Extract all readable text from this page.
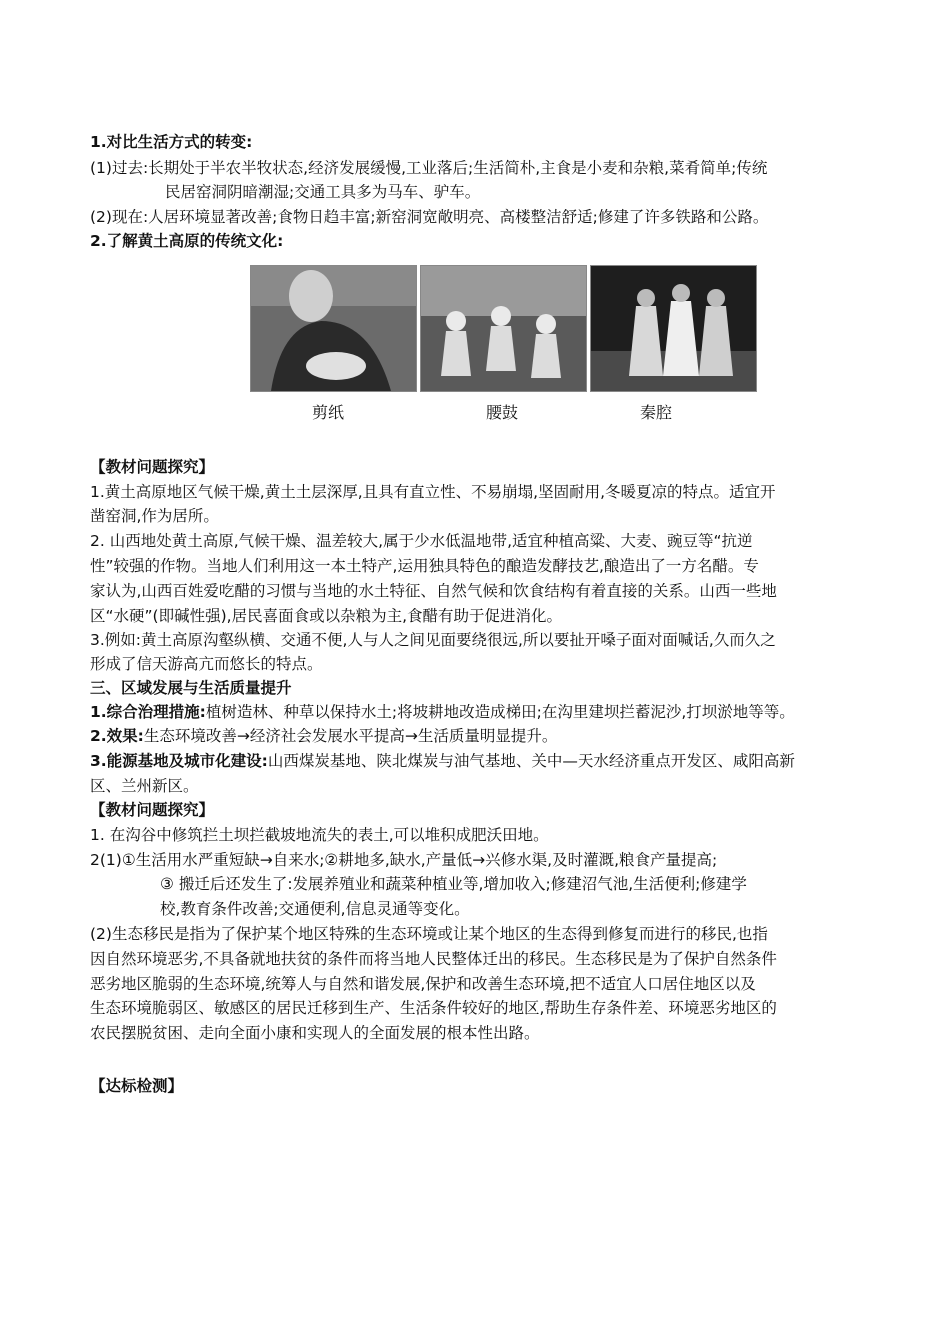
1.对比生活方式的转变:
(1)过去:长期处于半农半牧状态,经济发展缓慢,工业落后;生活简朴,主食是小麦和杂粮,菜肴简单;传统
民居窑洞阴暗潮湿;交通工具多为马车、驴车。
(2)现在:人居环境显著改善;食物日趋丰富;新窑洞宽敞明亮、高楼整洁舒适;修建了许多铁路和公路。
2.了解黄土高原的传统文化:
剪纸	腰鼓	秦腔
【教材问题探究】
1.黄土高原地区气候干燥,黄土土层深厚,且具有直立性、不易崩塌,坚固耐用,冬暖夏凉的特点。适宜开
凿窑洞,作为居所。
2. 山西地处黄土高原,气候干燥、温差较大,属于少水低温地带,适宜种植高粱、大麦、豌豆等“抗逆
性”较强的作物。当地人们利用这一本土特产,运用独具特色的酿造发酵技艺,酿造出了一方名醋。专
家认为,山西百姓爱吃醋的习惯与当地的水土特征、自然气候和饮食结构有着直接的关系。山西一些地
区“水硬”(即碱性强),居民喜面食或以杂粮为主,食醋有助于促进消化。
3.例如:黄土高原沟壑纵横、交通不便,人与人之间见面要绕很远,所以要扯开嗓子面对面喊话,久而久之
形成了信天游高亢而悠长的特点。
三、区域发展与生活质量提升
1.综合治理措施:植树造林、种草以保持水土;将坡耕地改造成梯田;在沟里建坝拦蓄泥沙,打坝淤地等等。
2.效果:生态环境改善→经济社会发展水平提高→生活质量明显提升。
3.能源基地及城市化建设:山西煤炭基地、陕北煤炭与油气基地、关中—天水经济重点开发区、咸阳高新
区、兰州新区。
【教材问题探究】
1. 在沟谷中修筑拦土坝拦截坡地流失的表土,可以堆积成肥沃田地。
2(1)①生活用水严重短缺→自来水;②耕地多,缺水,产量低→兴修水渠,及时灌溉,粮食产量提高;
③ 搬迁后还发生了:发展养殖业和蔬菜种植业等,增加收入;修建沼气池,生活便利;修建学
校,教育条件改善;交通便利,信息灵通等变化。
(2)生态移民是指为了保护某个地区特殊的生态环境或让某个地区的生态得到修复而进行的移民,也指
因自然环境恶劣,不具备就地扶贫的条件而将当地人民整体迁出的移民。生态移民是为了保护自然条件
恶劣地区脆弱的生态环境,统筹人与自然和谐发展,保护和改善生态环境,把不适宜人口居住地区以及
生态环境脆弱区、敏感区的居民迁移到生产、生活条件较好的地区,帮助生存条件差、环境恶劣地区的
农民摆脱贫困、走向全面小康和实现人的全面发展的根本性出路。
【达标检测】
